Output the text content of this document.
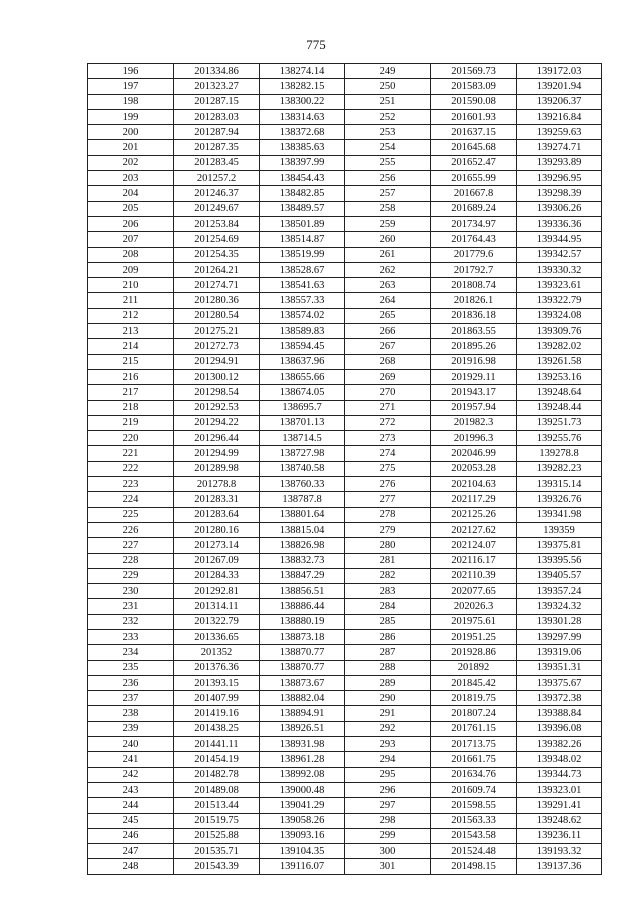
775
196	201334.86	138274.14	249	201569.73	139172.03
197	201323.27	138282.15	250	201583.09	139201.94
198	201287.15	138300.22	251	201590.08	139206.37
199	201283.03	138314.63	252	201601.93	139216.84
200	201287.94	138372.68	253	201637.15	139259.63
201	201287.35	138385.63	254	201645.68	139274.71
202	201283.45	138397.99	255	201652.47	139293.89
203	201257.2	138454.43	256	201655.99	139296.95
204	201246.37	138482.85	257	201667.8	139298.39
205	201249.67	138489.57	258	201689.24	139306.26
206	201253.84	138501.89	259	201734.97	139336.36
207	201254.69	138514.87	260	201764.43	139344.95
208	201254.35	138519.99	261	201779.6	139342.57
209	201264.21	138528.67	262	201792.7	139330.32
210	201274.71	138541.63	263	201808.74	139323.61
211	201280.36	138557.33	264	201826.1	139322.79
212	201280.54	138574.02	265	201836.18	139324.08
213	201275.21	138589.83	266	201863.55	139309.76
214	201272.73	138594.45	267	201895.26	139282.02
215	201294.91	138637.96	268	201916.98	139261.58
216	201300.12	138655.66	269	201929.11	139253.16
217	201298.54	138674.05	270	201943.17	139248.64
218	201292.53	138695.7	271	201957.94	139248.44
219	201294.22	138701.13	272	201982.3	139251.73
220	201296.44	138714.5	273	201996.3	139255.76
221	201294.99	138727.98	274	202046.99	139278.8
222	201289.98	138740.58	275	202053.28	139282.23
223	201278.8	138760.33	276	202104.63	139315.14
224	201283.31	138787.8	277	202117.29	139326.76
225	201283.64	138801.64	278	202125.26	139341.98
226	201280.16	138815.04	279	202127.62	139359
227	201273.14	138826.98	280	202124.07	139375.81
228	201267.09	138832.73	281	202116.17	139395.56
229	201284.33	138847.29	282	202110.39	139405.57
230	201292.81	138856.51	283	202077.65	139357.24
231	201314.11	138886.44	284	202026.3	139324.32
232	201322.79	138880.19	285	201975.61	139301.28
233	201336.65	138873.18	286	201951.25	139297.99
234	201352	138870.77	287	201928.86	139319.06
235	201376.36	138870.77	288	201892	139351.31
236	201393.15	138873.67	289	201845.42	139375.67
237	201407.99	138882.04	290	201819.75	139372.38
238	201419.16	138894.91	291	201807.24	139388.84
239	201438.25	138926.51	292	201761.15	139396.08
240	201441.11	138931.98	293	201713.75	139382.26
241	201454.19	138961.28	294	201661.75	139348.02
242	201482.78	138992.08	295	201634.76	139344.73
243	201489.08	139000.48	296	201609.74	139323.01
244	201513.44	139041.29	297	201598.55	139291.41
245	201519.75	139058.26	298	201563.33	139248.62
246	201525.88	139093.16	299	201543.58	139236.11
247	201535.71	139104.35	300	201524.48	139193.32
248	201543.39	139116.07	301	201498.15	139137.36
